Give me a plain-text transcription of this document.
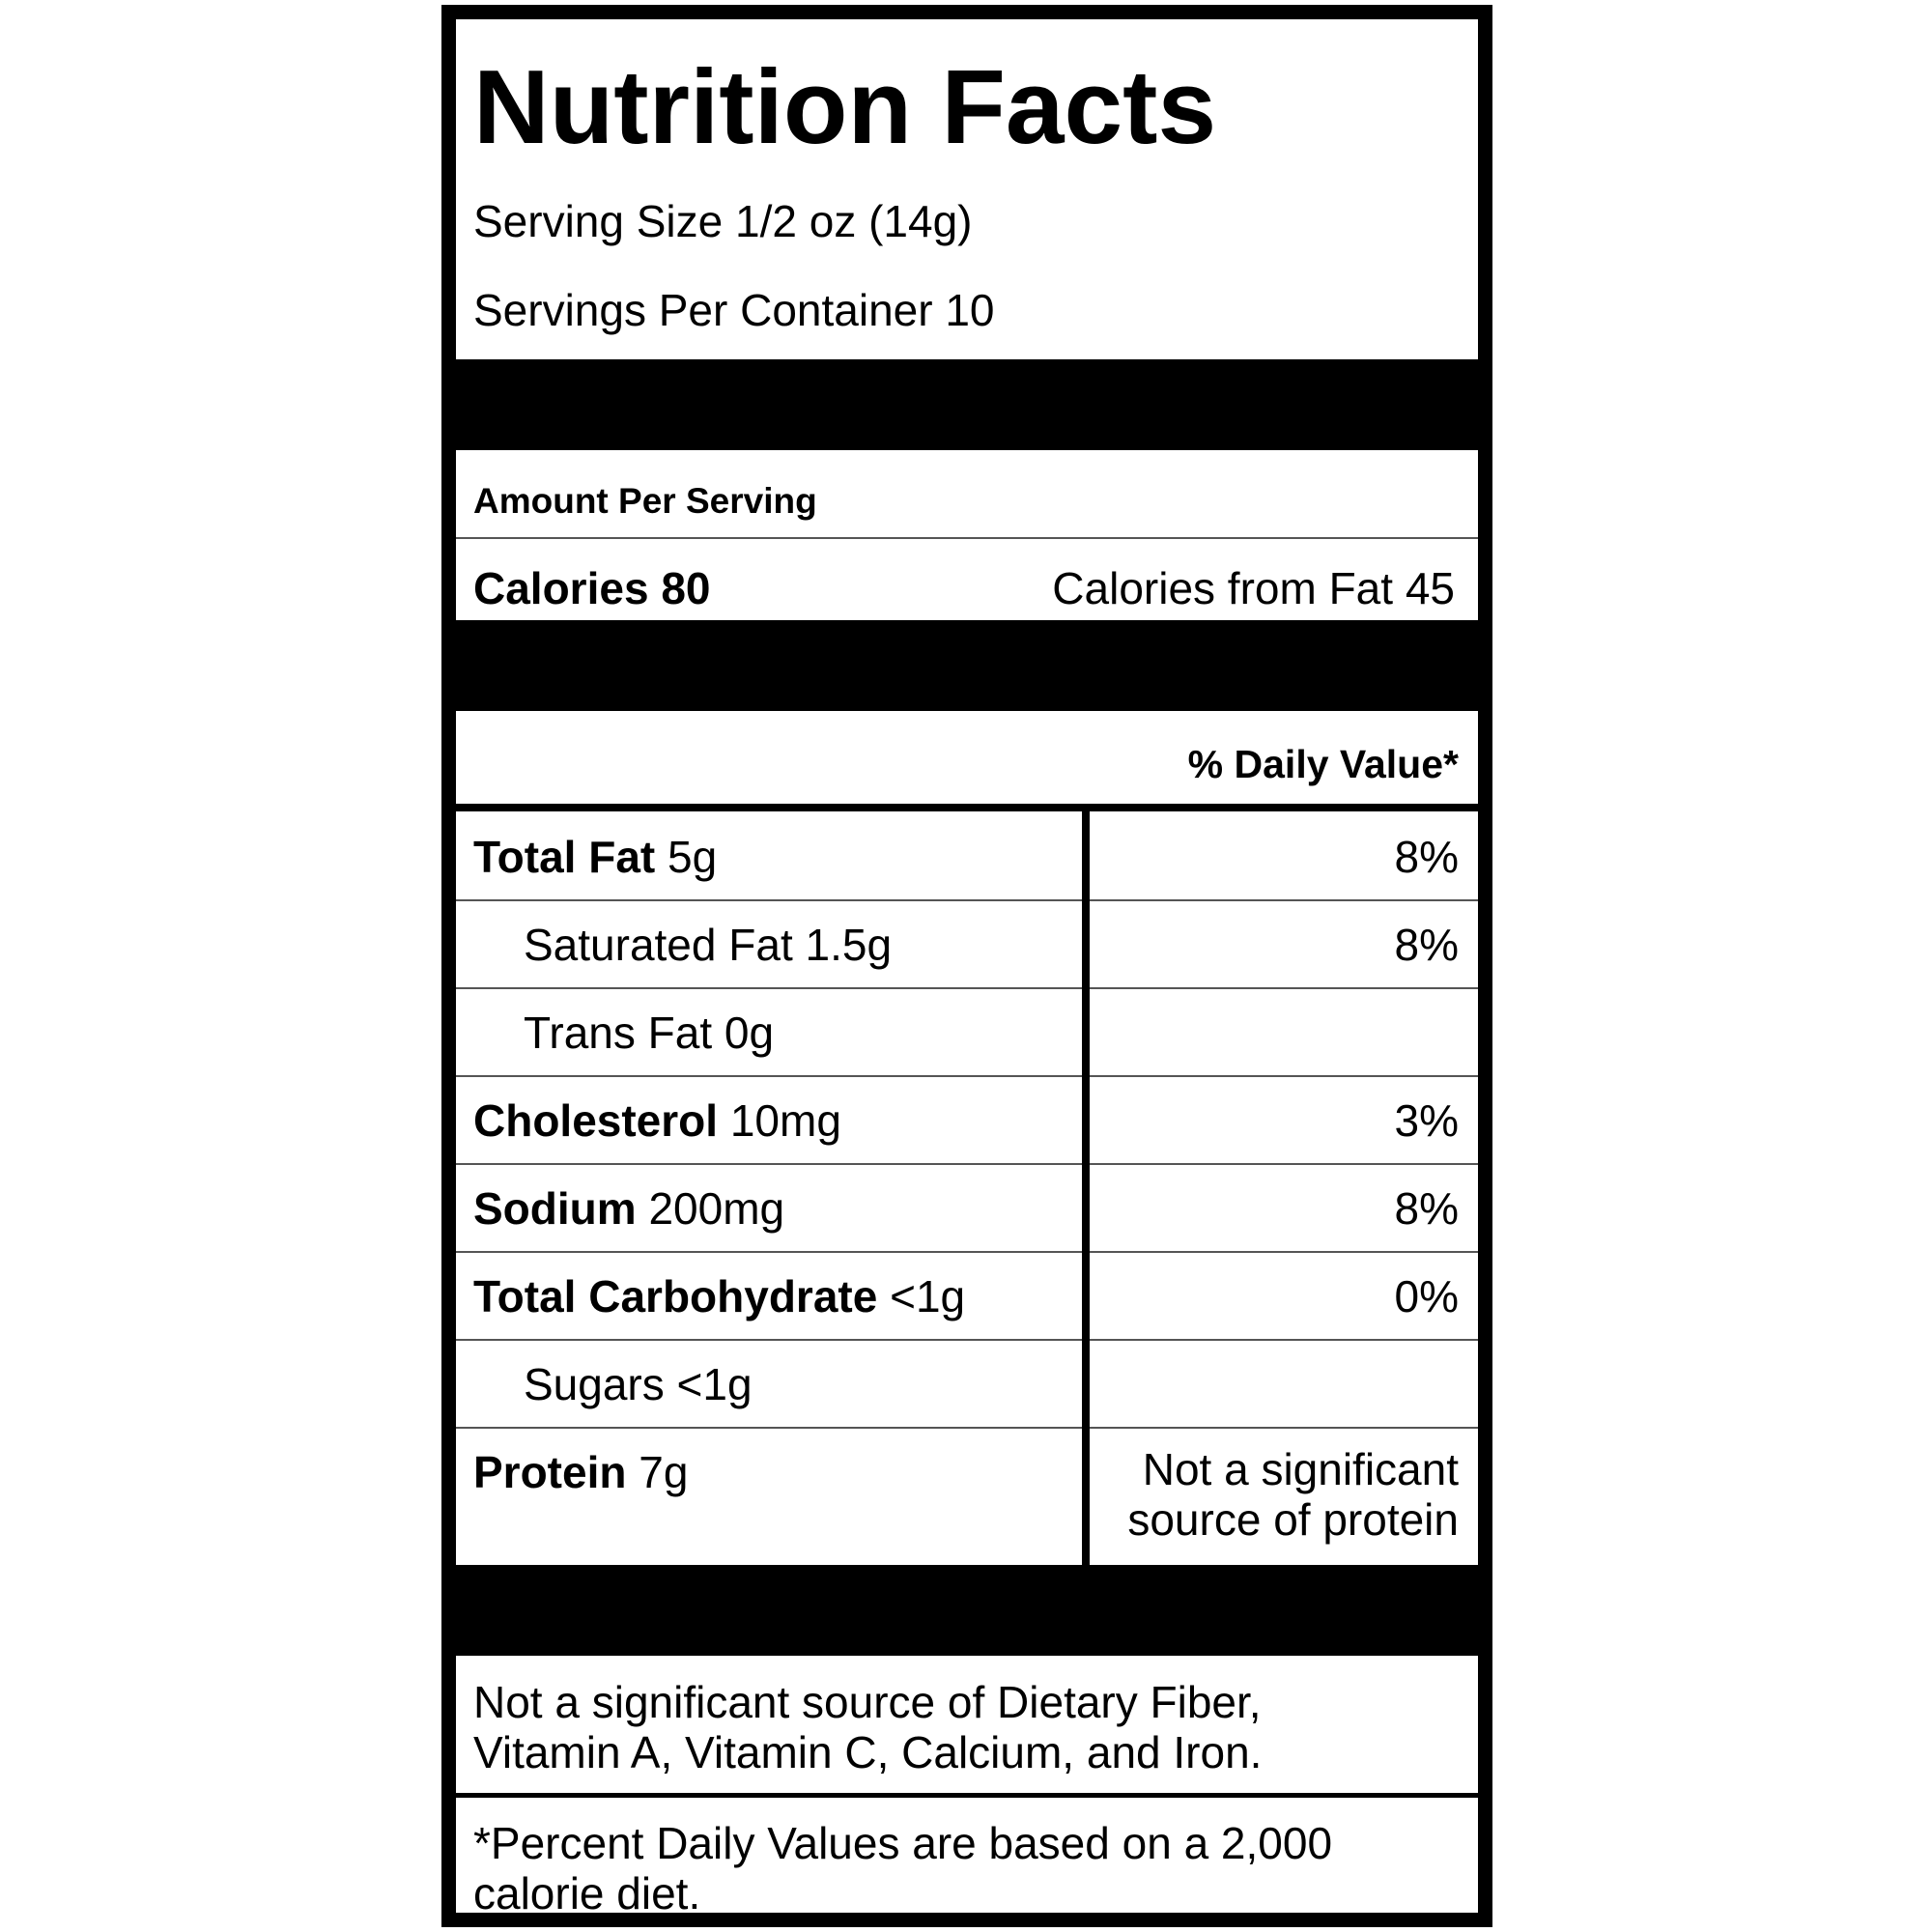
Nutrition Facts
Serving Size 1/2 oz (14g)
Servings Per Container 10
Amount Per Serving
Calories 80	Calories from Fat 45
% Daily Value*
Total Fat 5g	8%
Saturated Fat 1.5g	8%
Trans Fat 0g
Cholesterol 10mg	3%
Sodium 200mg	8%
Total Carbohydrate <1g	0%
Sugars <1g
Protein 7g	Not a significant
source of protein
Not a significant source of Dietary Fiber,
Vitamin A, Vitamin C, Calcium, and Iron.
*Percent Daily Values are based on a 2,000
calorie diet.
